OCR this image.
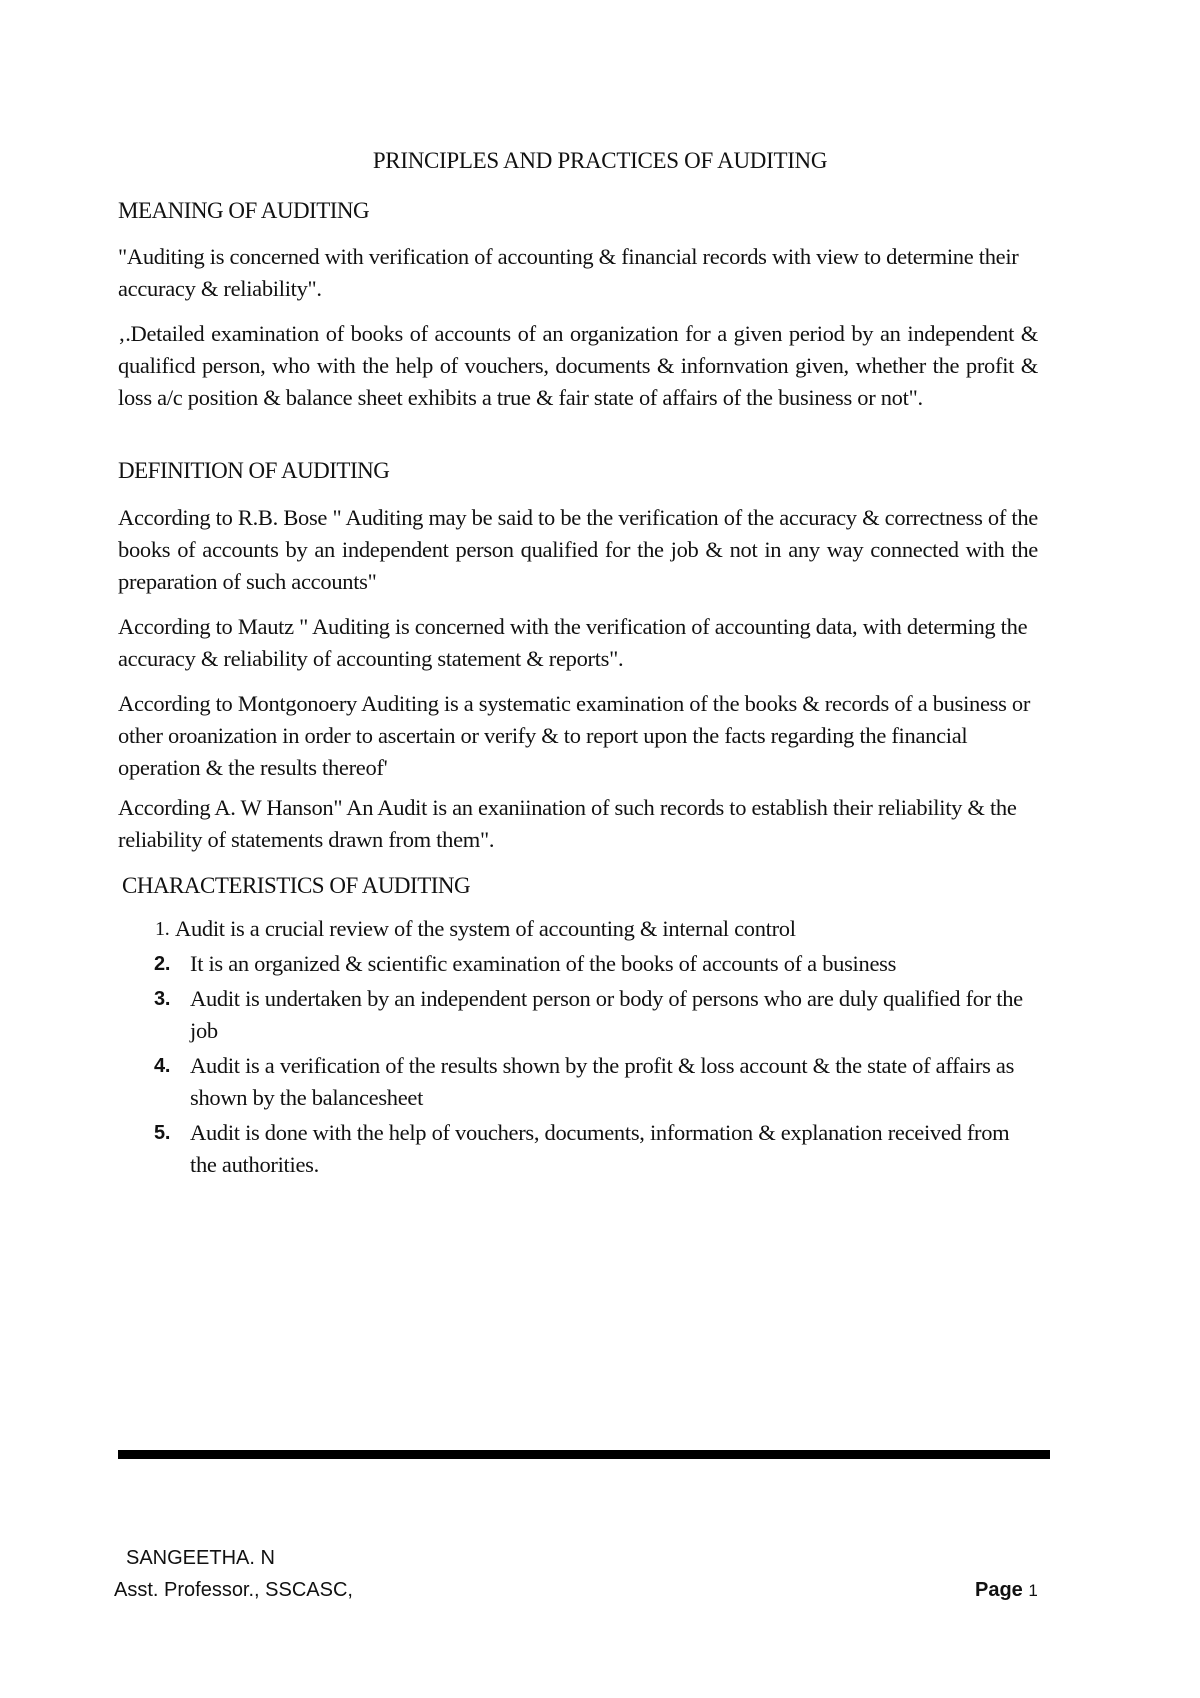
PRINCIPLES AND PRACTICES OF AUDITING
MEANING OF AUDITING
"Auditing is concerned with verification of accounting & financial records with view to determine their accuracy & reliability".
‚.Detailed examination of books of accounts of an organization for a given period by an independent & qualificd person, who with the help of vouchers, documents & infornvation given, whether the profit & loss a/c position & balance sheet exhibits a true & fair state of affairs of the business or not".
DEFINITION OF AUDITING
According to R.B. Bose " Auditing may be said to be the verification of the accuracy & correctness of the books of accounts by an independent person qualified for the job & not in any way connected with the preparation of such accounts"
According to Mautz " Auditing is concerned with the verification of accounting data, with determing the accuracy & reliability of accounting statement & reports".
According to Montgonoery Auditing is a systematic examination of the books & records of a business or other oroanization in order to ascertain or verify & to report upon the facts regarding the financial operation & the results thereof'
According A. W Hanson" An Audit is an exaniination of such records to establish their reliability & the reliability of statements drawn from them".
CHARACTERISTICS OF AUDITING
1. Audit is a crucial review of the system of accounting & internal control
2. It is an organized & scientific examination of the books of accounts of a business
3. Audit is undertaken by an independent person or body of persons who are duly qualified for the job
4. Audit is a verification of the results shown by the profit & loss account & the state of affairs as shown by the balancesheet
5. Audit is done with the help of vouchers, documents, information & explanation received from the authorities.
SANGEETHA. N
Asst. Professor., SSCASC,	Page 1
